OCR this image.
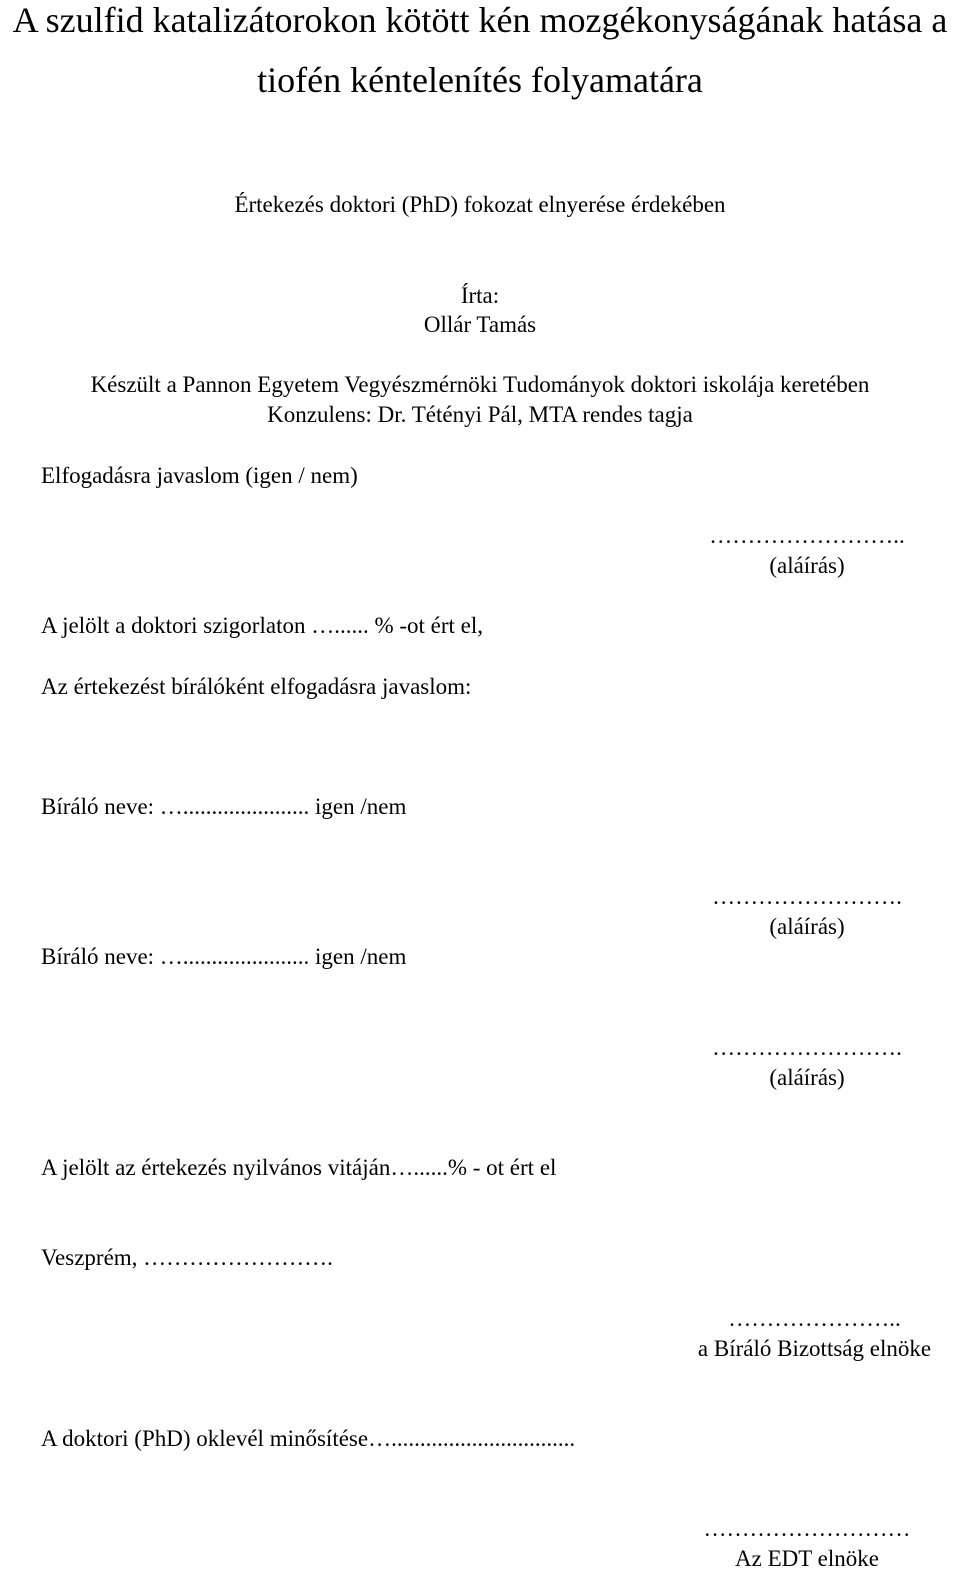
A szulfid katalizátorokon kötött kén mozgékonyságának hatása a
tiofén kéntelenítés folyamatára
Értekezés doktori (PhD) fokozat elnyerése érdekében
Írta:
Ollár Tamás
Készült a Pannon Egyetem Vegyészmérnöki Tudományok doktori iskolája keretében
Konzulens: Dr. Tétényi Pál, MTA rendes tagja
Elfogadásra javaslom (igen / nem)
……………………..
(aláírás)
A jelölt a doktori szigorlaton …...... % -ot ért el,
Az értekezést bírálóként elfogadásra javaslom:
Bíráló neve: …...................... igen /nem
…………………….
(aláírás)
Bíráló neve: …...................... igen /nem
…………………….
(aláírás)
A jelölt az értekezés nyilvános vitáján…......% - ot ért el
Veszprém, …………………….
…………………..
a Bíráló Bizottság elnöke
A doktori (PhD) oklevél minősítése…................................
………………………
Az EDT elnöke
